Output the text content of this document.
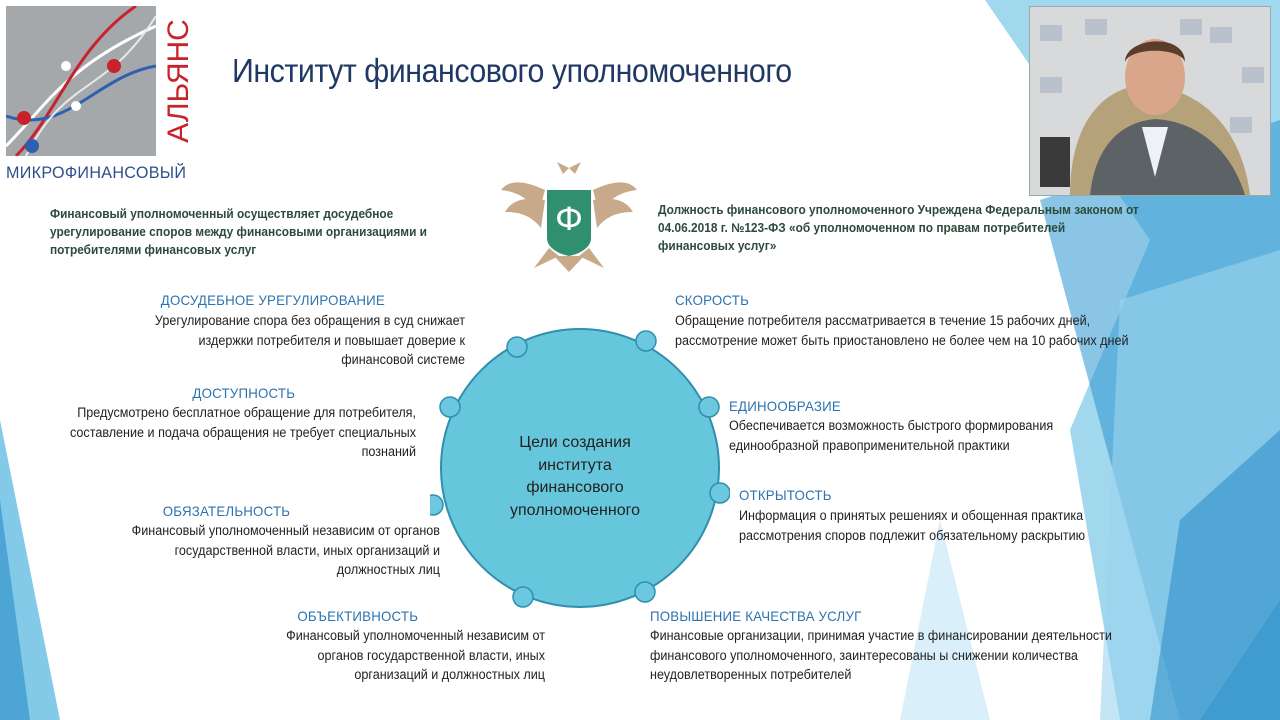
АЛЬЯНС
МИКРОФИНАНСОВЫЙ
Институт финансового уполномоченного
Финансовый уполномоченный осуществляет досудебное урегулирование споров между финансовыми организациями и потребителями финансовых услуг
Должность финансового уполномоченного Учреждена Федеральным законом от 04.06.2018 г. №123-ФЗ «об уполномоченном по правам потребителей финансовых услуг»
Ф
Цели создания института финансового уполномоченного
ДОСУДЕБНОЕ УРЕГУЛИРОВАНИЕ
Урегулирование спора без обращения в суд снижает издержки потребителя и повышает доверие к финансовой системе
ДОСТУПНОСТЬ
Предусмотрено бесплатное обращение для потребителя, составление и подача обращения не требует специальных познаний
ОБЯЗАТЕЛЬНОСТЬ
Финансовый уполномоченный независим от органов государственной власти, иных организаций и должностных лиц
ОБЪЕКТИВНОСТЬ
Финансовый уполномоченный независим от органов государственной власти, иных организаций и должностных лиц
СКОРОСТЬ
Обращение потребителя рассматривается в течение 15 рабочих дней, рассмотрение может быть приостановлено не более чем на 10 рабочих дней
ЕДИНООБРАЗИЕ
Обеспечивается возможность быстрого формирования единообразной правоприменительной практики
ОТКРЫТОСТЬ
Информация о принятых решениях и обощенная практика рассмотрения споров подлежит обязательному раскрытию
ПОВЫШЕНИЕ КАЧЕСТВА УСЛУГ
Финансовые организации, принимая участие в финансировании деятельности финансового уполномоченного, заинтересованы ы снижении количества неудовлетворенных потребителей
